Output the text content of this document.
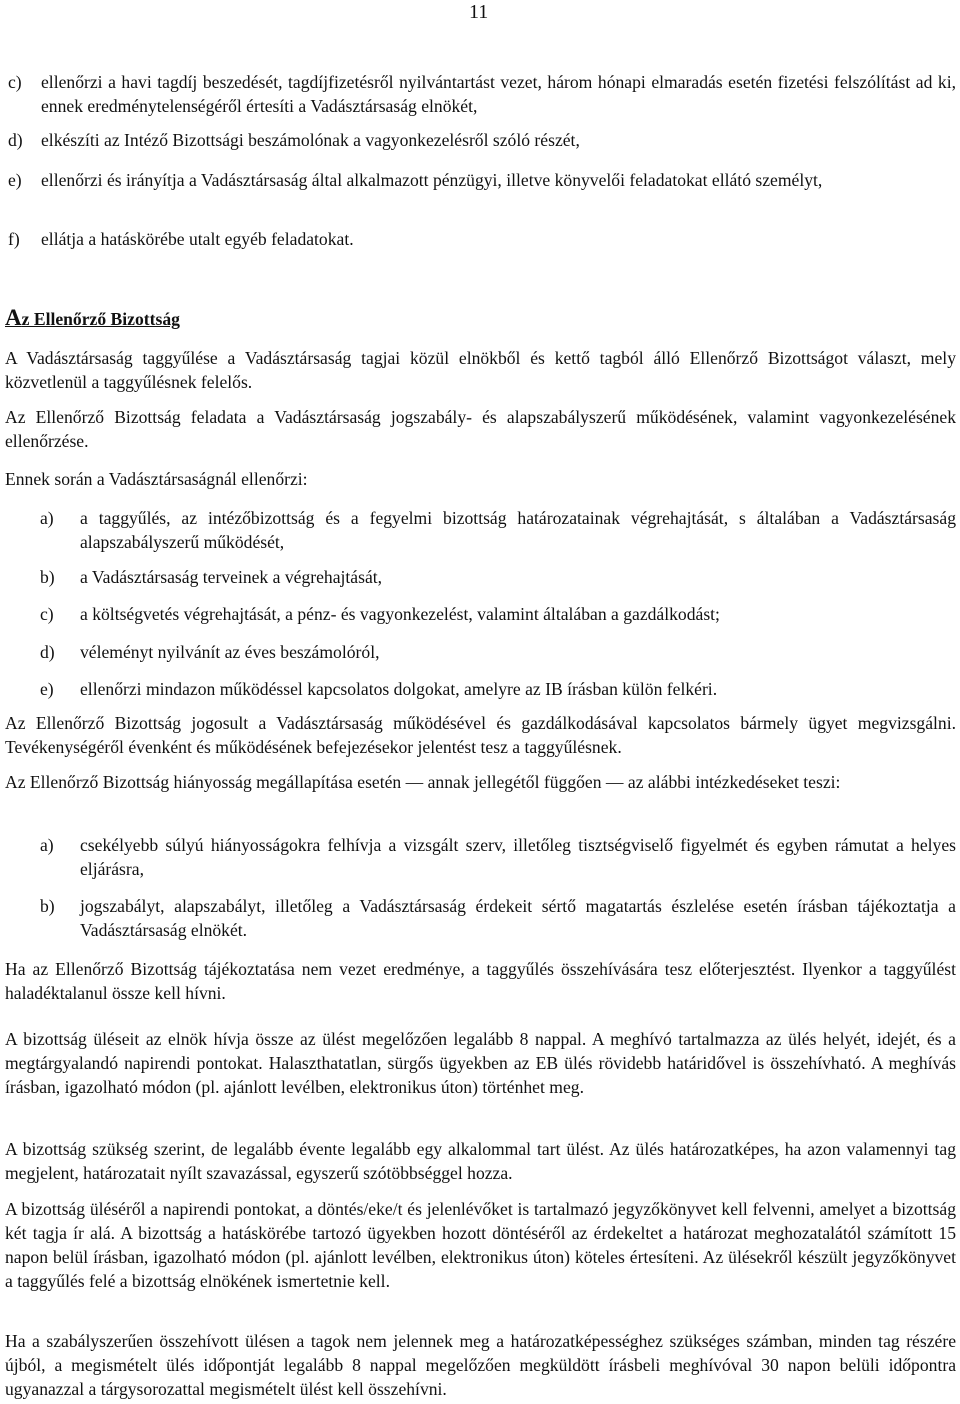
11
c) ellenőrzi a havi tagdíj beszedését, tagdíjfizetésről nyilvántartást vezet, három hónapi elmaradás esetén fizetési felszólítást ad ki, ennek eredménytelenségéről értesíti a Vadásztársaság elnökét,
d) elkészíti az Intéző Bizottsági beszámolónak a vagyonkezelésről szóló részét,
e) ellenőrzi és irányítja a Vadásztársaság által alkalmazott pénzügyi, illetve könyvelői feladatokat ellátó személyt,
f) ellátja a hatáskörébe utalt egyéb feladatokat.
Az Ellenőrző Bizottság
A Vadásztársaság taggyűlése a Vadásztársaság tagjai közül elnökből és kettő tagból álló Ellenőrző Bizottságot választ, mely közvetlenül a taggyűlésnek felelős.
Az Ellenőrző Bizottság feladata a Vadásztársaság jogszabály- és alapszabályszerű működésének, valamint vagyonkezelésének ellenőrzése.
Ennek során a Vadásztársaságnál ellenőrzi:
a) a taggyűlés, az intézőbizottság és a fegyelmi bizottság határozatainak végrehajtását, s általában a Vadásztársaság alapszabályszerű működését,
b) a Vadásztársaság terveinek a végrehajtását,
c) a költségvetés végrehajtását, a pénz- és vagyonkezelést, valamint általában a gazdálkodást;
d) véleményt nyilvánít az éves beszámolóról,
e) ellenőrzi mindazon működéssel kapcsolatos dolgokat, amelyre az IB írásban külön felkéri.
Az Ellenőrző Bizottság jogosult a Vadásztársaság működésével és gazdálkodásával kapcsolatos bármely ügyet megvizsgálni. Tevékenységéről évenként és működésének befejezésekor jelentést tesz a taggyűlésnek.
Az Ellenőrző Bizottság hiányosság megállapítása esetén — annak jellegétől függően — az alábbi intézkedéseket teszi:
a) csekélyebb súlyú hiányosságokra felhívja a vizsgált szerv, illetőleg tisztségviselő figyelmét és egyben rámutat a helyes eljárásra,
b) jogszabályt, alapszabályt, illetőleg a Vadásztársaság érdekeit sértő magatartás észlelése esetén írásban tájékoztatja a Vadásztársaság elnökét.
Ha az Ellenőrző Bizottság tájékoztatása nem vezet eredménye, a taggyűlés összehívására tesz előterjesztést. Ilyenkor a taggyűlést haladéktalanul össze kell hívni.
A bizottság üléseit az elnök hívja össze az ülést megelőzően legalább 8 nappal. A meghívó tartalmazza az ülés helyét, idejét, és a megtárgyalandó napirendi pontokat. Halaszthatatlan, sürgős ügyekben az EB ülés rövidebb határidővel is összehívható. A meghívás írásban, igazolható módon (pl. ajánlott levélben, elektronikus úton) történhet meg.
A bizottság szükség szerint, de legalább évente legalább egy alkalommal tart ülést. Az ülés határozatképes, ha azon valamennyi tag megjelent, határozatait nyílt szavazással, egyszerű szótöbbséggel hozza.
A bizottság üléséről a napirendi pontokat, a döntés/eke/t és jelenlévőket is tartalmazó jegyzőkönyvet kell felvenni, amelyet a bizottság két tagja ír alá. A bizottság a hatáskörébe tartozó ügyekben hozott döntéséről az érdekeltet a határozat meghozatalától számított 15 napon belül írásban, igazolható módon (pl. ajánlott levélben, elektronikus úton) köteles értesíteni. Az ülésekről készült jegyzőkönyvet a taggyűlés felé a bizottság elnökének ismertetnie kell.
Ha a szabályszerűen összehívott ülésen a tagok nem jelennek meg a határozatképességhez szükséges számban, minden tag részére újból, a megismételt ülés időpontját legalább 8 nappal megelőzően megküldött írásbeli meghívóval 30 napon belüli időpontra ugyanazzal a tárgysorozattal megismételt ülést kell összehívni.
